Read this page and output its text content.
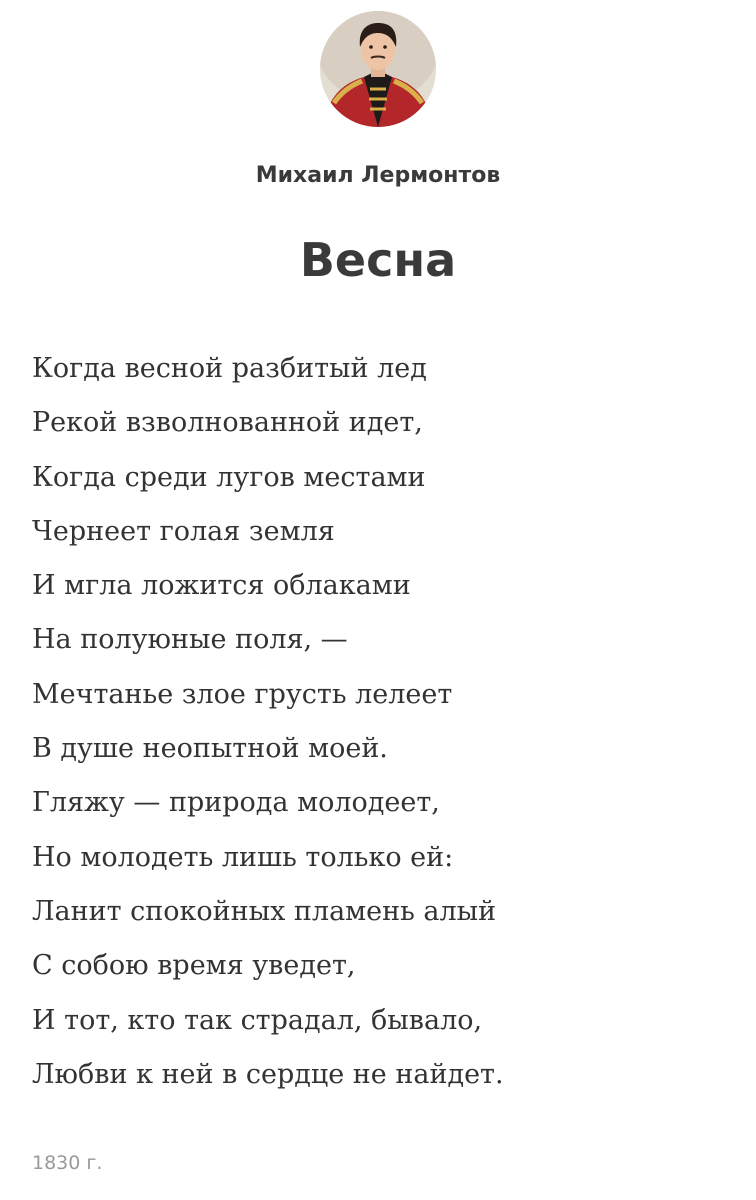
Михаил Лермонтов
Весна
Когда весной разбитый лед
Рекой взволнованной идет,
Когда среди лугов местами
Чернеет голая земля
И мгла ложится облаками
На полуюные поля, —
Мечтанье злое грусть лелеет
В душе неопытной моей.
Гляжу — природа молодеет,
Но молодеть лишь только ей:
Ланит спокойных пламень алый
С собою время уведет,
И тот, кто так страдал, бывало,
Любви к ней в сердце не найдет.
1830 г.
